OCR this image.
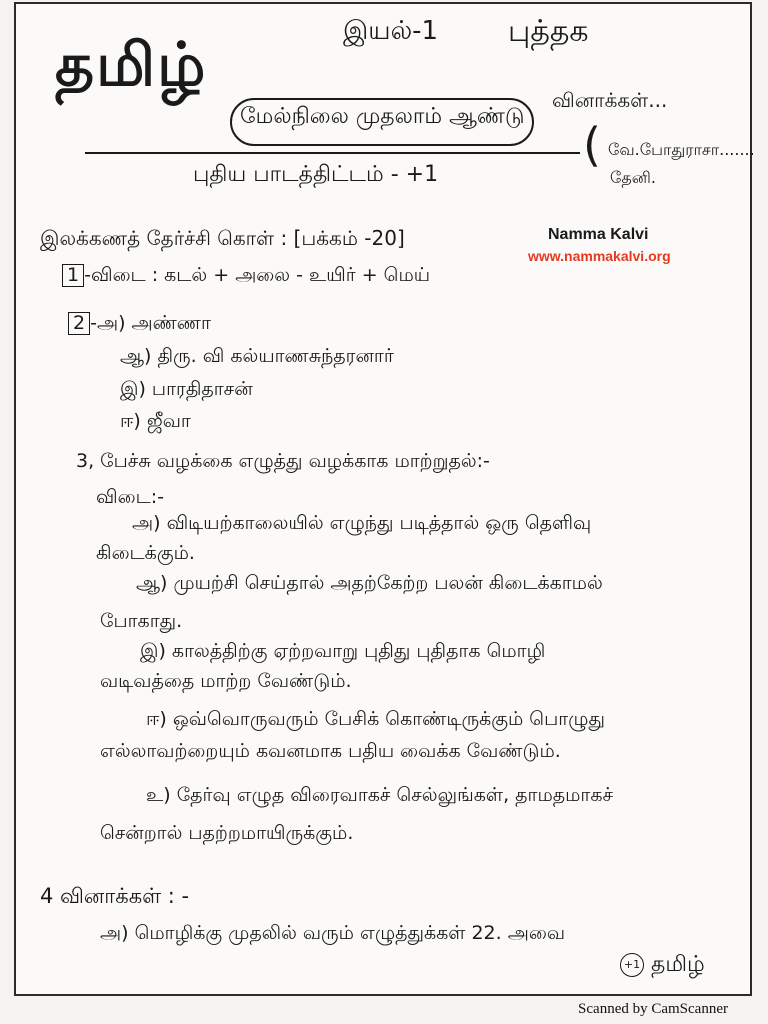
தமிழ்	இயல்-1 புத்தக
மேல்நிலை முதலாம் ஆண்டு
வினாக்கள்...
( வே.போதுராசா.......
தேனி.
புதிய பாடத்திட்டம் - +1
Namma Kalvi
www.nammakalvi.org
இலக்கணத் தேர்ச்சி கொள் : [பக்கம் -20]
1 -விடை : கடல் + அலை - உயிர் + மெய்
2 -அ) அண்ணா
ஆ) திரு. வி கல்யாணசுந்தரனார்
இ) பாரதிதாசன்
ஈ) ஜீவா
3, பேச்சு வழக்கை எழுத்து வழக்காக மாற்றுதல்:-
விடை:-
அ) விடியற்காலையில் எழுந்து படித்தால் ஒரு தெளிவு
கிடைக்கும்.
ஆ) முயற்சி செய்தால் அதற்கேற்ற பலன் கிடைக்காமல்
போகாது.
இ) காலத்திற்கு ஏற்றவாறு புதிது புதிதாக மொழி
வடிவத்தை மாற்ற வேண்டும்.
ஈ) ஒவ்வொருவரும் பேசிக் கொண்டிருக்கும் பொழுது
எல்லாவற்றையும் கவனமாக பதிய வைக்க வேண்டும்.
உ) தேர்வு எழுத விரைவாகச் செல்லுங்கள், தாமதமாகச்
சென்றால் பதற்றமாயிருக்கும்.
4 வினாக்கள் : -
அ) மொழிக்கு முதலில் வரும் எழுத்துக்கள் 22. அவை
+1 தமிழ்
Scanned by CamScanner
